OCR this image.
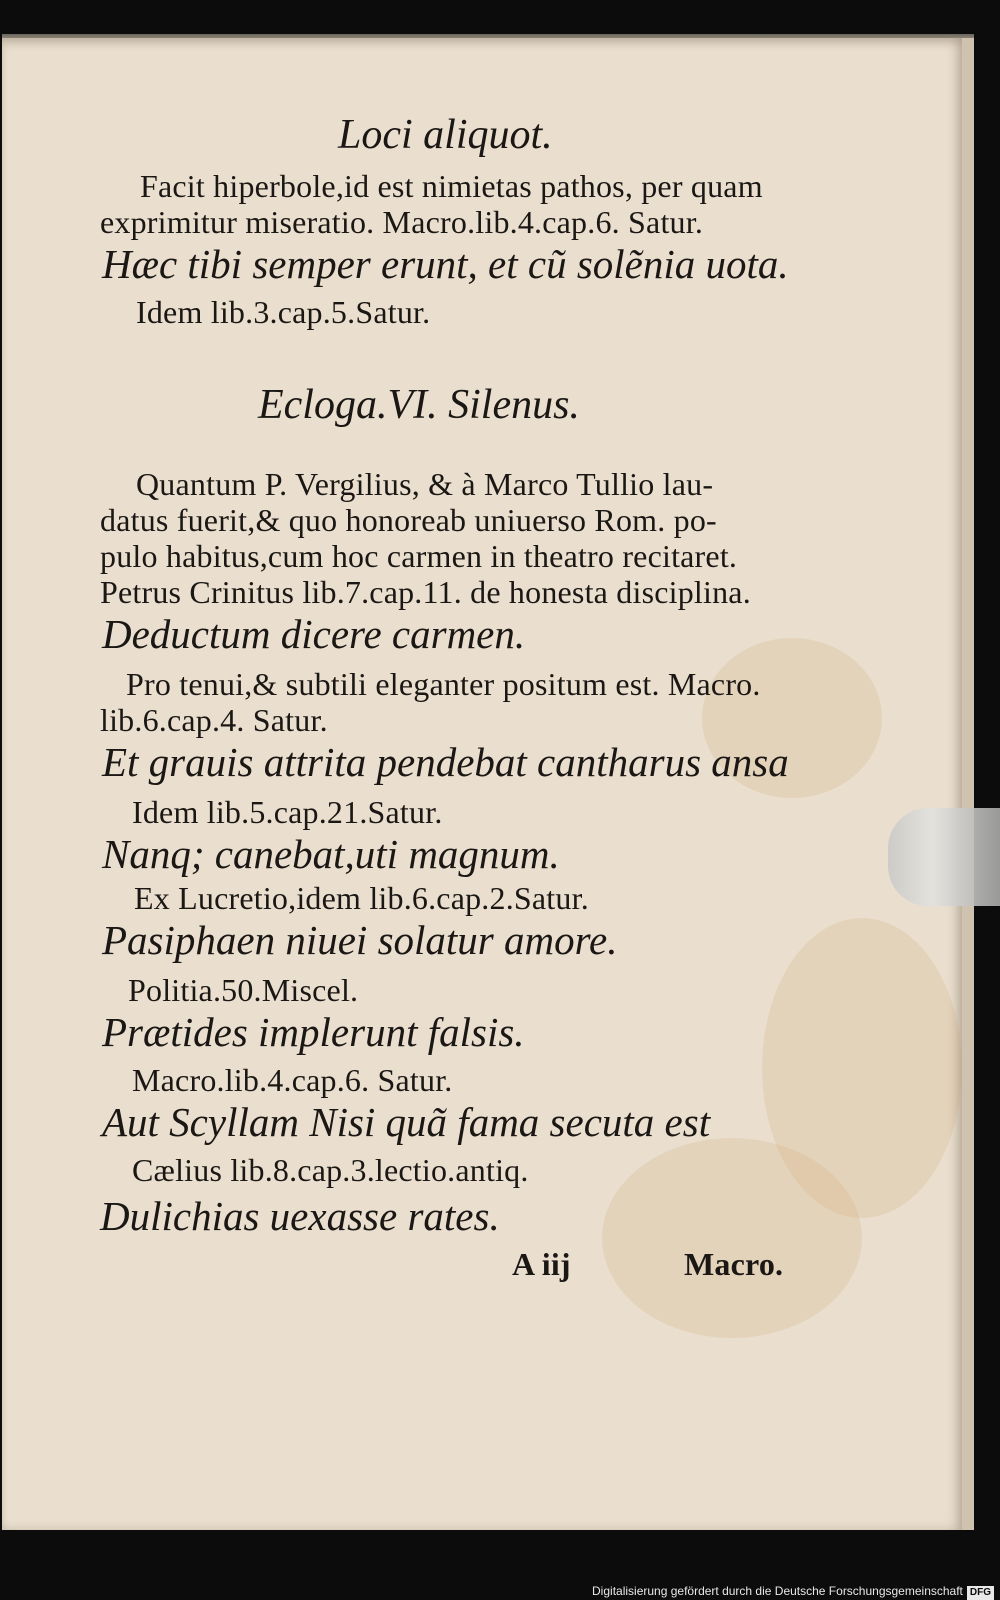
Loci aliquot.
Facit hiperbole,id est nimietas pathos, per quam
exprimitur miseratio. Macro.lib.4.cap.6. Satur.
Hæc tibi semper erunt, et cũ solẽnia uota.
Idem lib.3.cap.5.Satur.
Ecloga.VI. Silenus.
Quantum P. Vergilius, & à Marco Tullio lau-
datus fuerit,& quo honoreab uniuerso Rom. po-
pulo habitus,cum hoc carmen in theatro recitaret.
Petrus Crinitus lib.7.cap.11. de honesta disciplina.
Deductum dicere carmen.
Pro tenui,& subtili eleganter positum est. Macro.
lib.6.cap.4. Satur.
Et grauis attrita pendebat cantharus ansa
Idem lib.5.cap.21.Satur.
Nanq; canebat,uti magnum.
Ex Lucretio,idem lib.6.cap.2.Satur.
Pasiphaen niuei solatur amore.
Politia.50.Miscel.
Prætides implerunt falsis.
Macro.lib.4.cap.6. Satur.
Aut Scyllam Nisi quã fama secuta est
Cælius lib.8.cap.3.lectio.antiq.
Dulichias uexasse rates.
A iij	Macro.
Digitalisierung gefördert durch die Deutsche Forschungsgemeinschaft DFG
